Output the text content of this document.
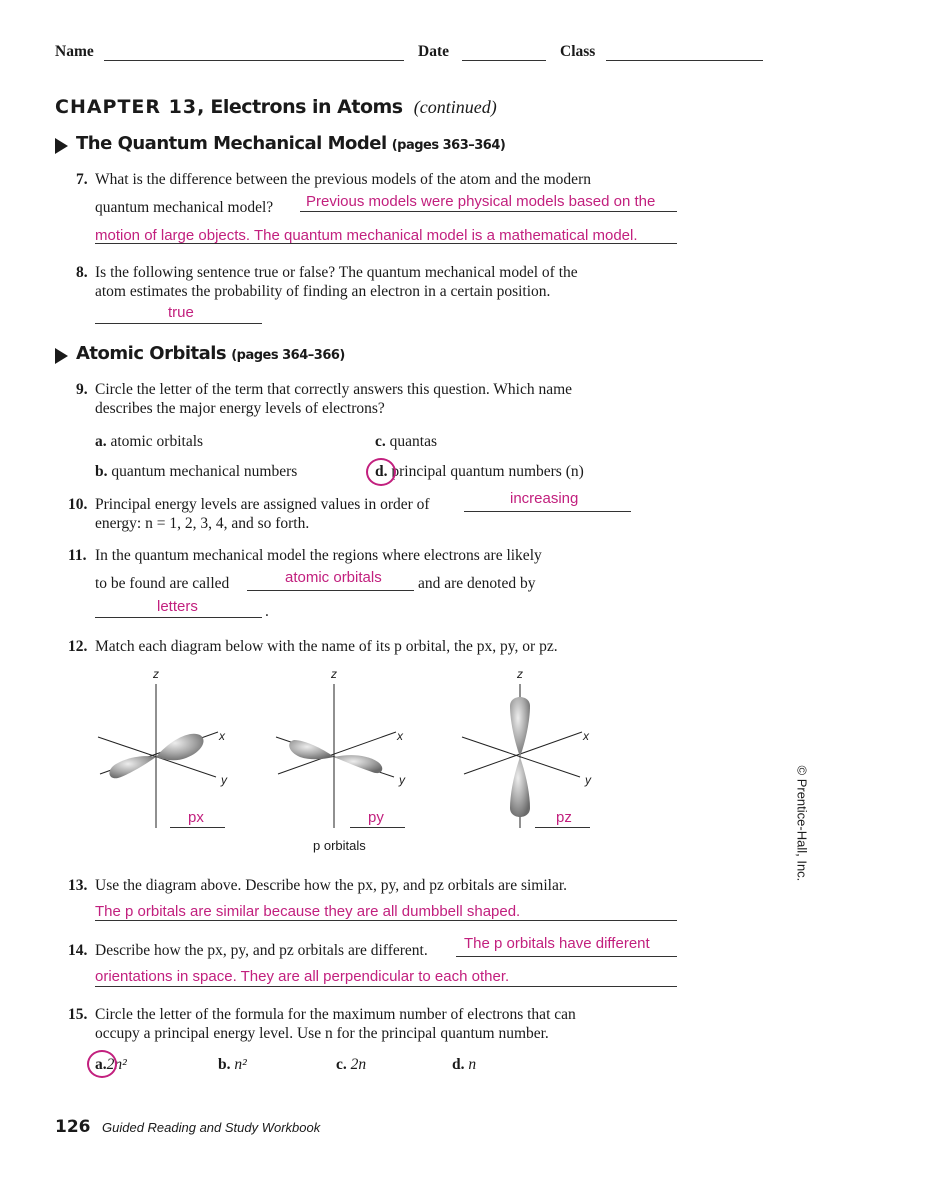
Name	Date	Class
CHAPTER 13, Electrons in Atoms (continued)
The Quantum Mechanical Model (pages 363–364)
7. What is the difference between the previous models of the atom and the modern
quantum mechanical model? Previous models were physical models based on the
motion of large objects. The quantum mechanical model is a mathematical model.
8. Is the following sentence true or false? The quantum mechanical model of the
atom estimates the probability of finding an electron in a certain position.
true
Atomic Orbitals (pages 364–366)
9. Circle the letter of the term that correctly answers this question. Which name
describes the major energy levels of electrons?
a. atomic orbitals	c. quantas
b. quantum mechanical numbers	d. principal quantum numbers (n)
10. Principal energy levels are assigned values in order of	increasing
energy: n = 1, 2, 3, 4, and so forth.
11. In the quantum mechanical model the regions where electrons are likely
to be found are called	atomic orbitals and are denoted by
letters	.
12. Match each diagram below with the name of its p orbital, the px, py, or pz.
z
x
y
z
x
y
z
x
y
px	py	pz
p orbitals	© Prentice-Hall, Inc.
13. Use the diagram above. Describe how the px, py, and pz orbitals are similar.
The p orbitals are similar because they are all dumbbell shaped.
14. Describe how the px, py, and pz orbitals are different. The p orbitals have different
orientations in space. They are all perpendicular to each other.
15. Circle the letter of the formula for the maximum number of electrons that can
occupy a principal energy level. Use n for the principal quantum number.
a.2n²	b. n²	c. 2n	d. n
126 Guided Reading and Study Workbook
